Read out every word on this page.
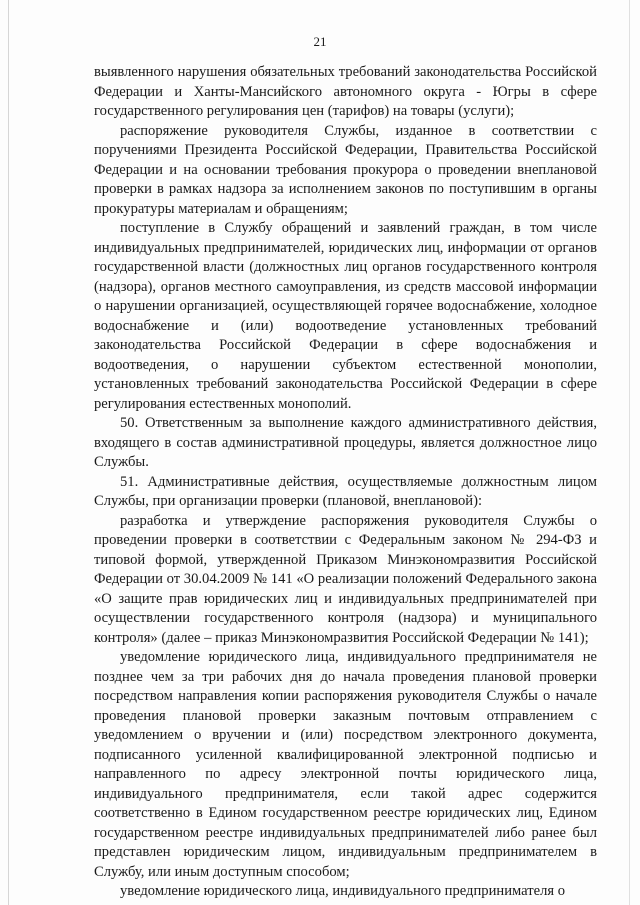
21

выявленного нарушения обязательных требований законодательства Российской Федерации и Ханты-Мансийского автономного округа - Югры в сфере государственного регулирования цен (тарифов) на товары (услуги);

распоряжение руководителя Службы, изданное в соответствии с поручениями Президента Российской Федерации, Правительства Российской Федерации и на основании требования прокурора о проведении внеплановой проверки в рамках надзора за исполнением законов по поступившим в органы прокуратуры материалам и обращениям;

поступление в Службу обращений и заявлений граждан, в том числе индивидуальных предпринимателей, юридических лиц, информации от органов государственной власти (должностных лиц органов государственного контроля (надзора), органов местного самоуправления, из средств массовой информации о нарушении организацией, осуществляющей горячее водоснабжение, холодное водоснабжение и (или) водоотведение установленных требований законодательства Российской Федерации в сфере водоснабжения и водоотведения, о нарушении субъектом естественной монополии, установленных требований законодательства Российской Федерации в сфере регулирования естественных монополий.

50. Ответственным за выполнение каждого административного действия, входящего в состав административной процедуры, является должностное лицо Службы.

51. Административные действия, осуществляемые должностным лицом Службы, при организации проверки (плановой, внеплановой):

разработка и утверждение распоряжения руководителя Службы о проведении проверки в соответствии с Федеральным законом № 294-ФЗ и типовой формой, утвержденной Приказом Минэкономразвития Российской Федерации от 30.04.2009 № 141 «О реализации положений Федерального закона «О защите прав юридических лиц и индивидуальных предпринимателей при осуществлении государственного контроля (надзора) и муниципального контроля» (далее – приказ Минэкономразвития Российской Федерации № 141);

уведомление юридического лица, индивидуального предпринимателя не позднее чем за три рабочих дня до начала проведения плановой проверки посредством направления копии распоряжения руководителя Службы о начале проведения плановой проверки заказным почтовым отправлением с уведомлением о вручении и (или) посредством электронного документа, подписанного усиленной квалифицированной электронной подписью и направленного по адресу электронной почты юридического лица, индивидуального предпринимателя, если такой адрес содержится соответственно в Едином государственном реестре юридических лиц, Едином государственном реестре индивидуальных предпринимателей либо ранее был представлен юридическим лицом, индивидуальным предпринимателем в Службу, или иным доступным способом;

уведомление юридического лица, индивидуального предпринимателя о
